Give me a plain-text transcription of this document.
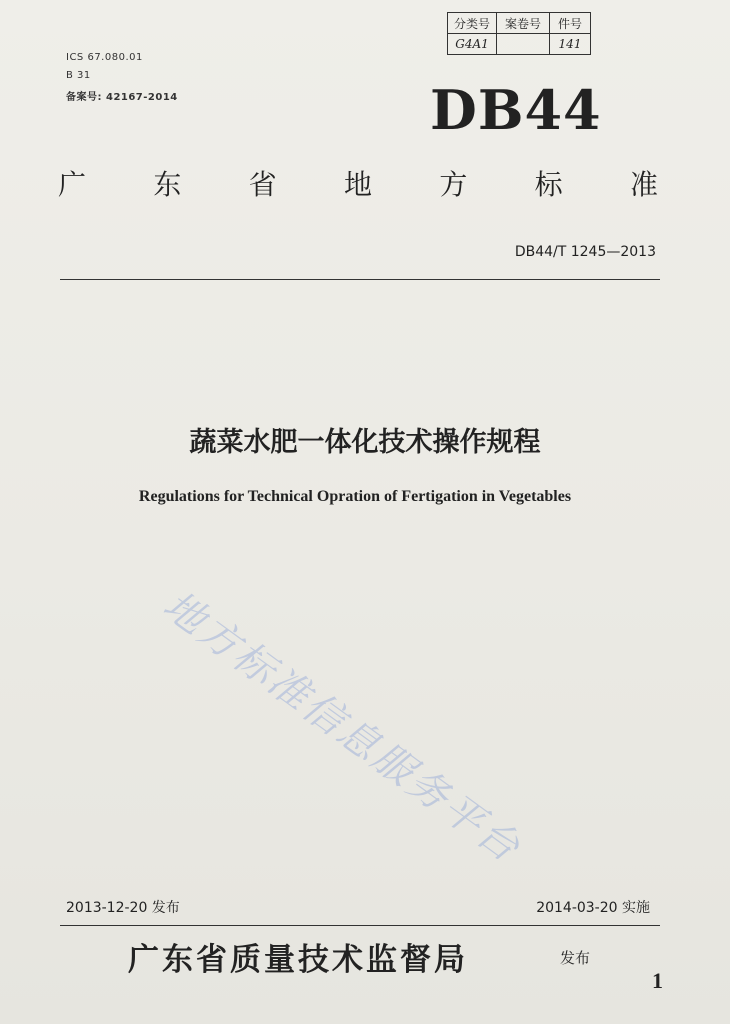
分类号	案卷号	件号
G4A1		141
ICS 67.080.01
B 31
备案号: 42167-2014	DB44
广 东 省 地 方 标 准
DB44/T 1245—2013
蔬菜水肥一体化技术操作规程
Regulations for Technical Opration of Fertigation in Vegetables
地方标准信息服务平台
2013-12-20 发布	2014-03-20 实施
广东省质量技术监督局	发布
1
